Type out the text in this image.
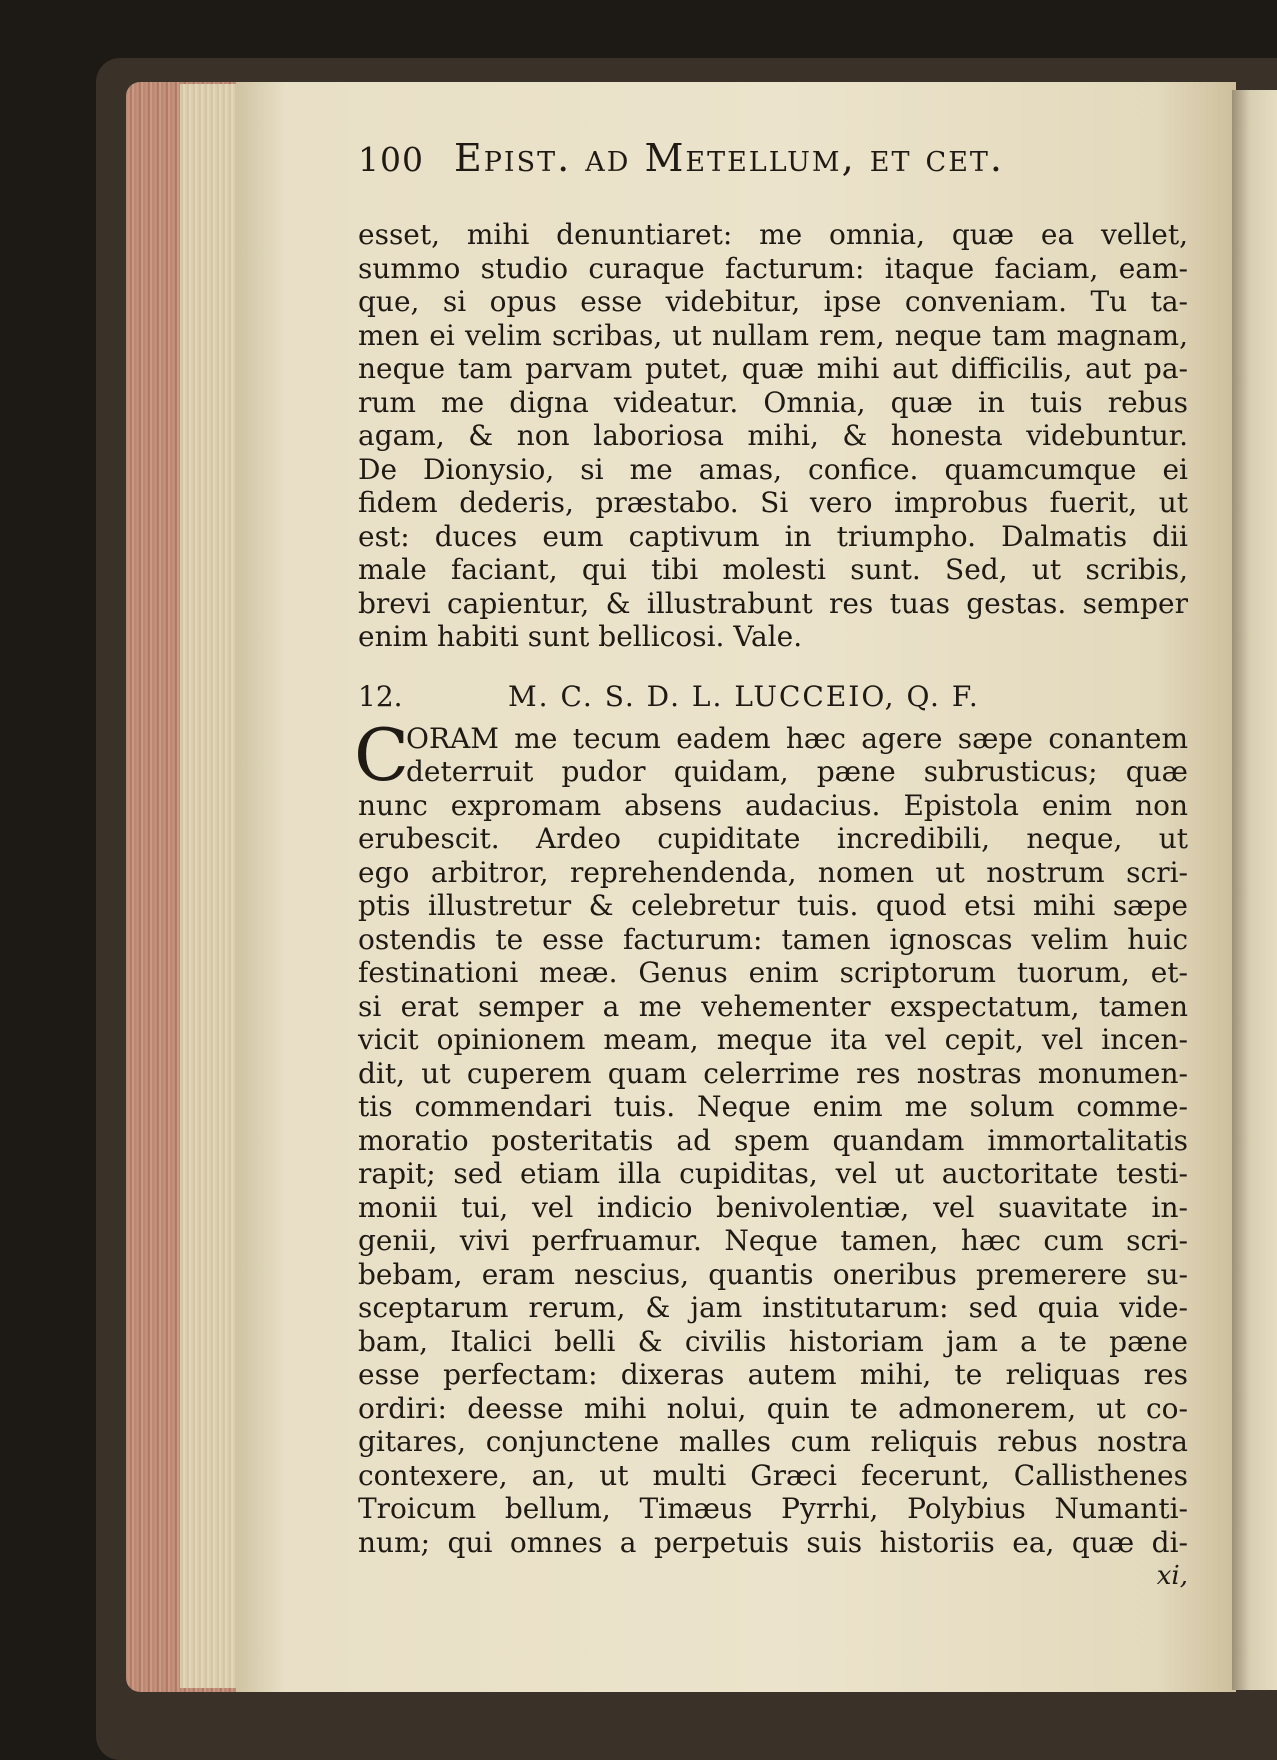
100 Epist. ad Metellum, et cet.
esset, mihi denuntiaret: me omnia, quæ ea vellet,
summo studio curaque facturum: itaque faciam, eam-
que, si opus esse videbitur, ipse conveniam. Tu ta-
men ei velim scribas, ut nullam rem, neque tam magnam,
neque tam parvam putet, quæ mihi aut difficilis, aut pa-
rum me digna videatur. Omnia, quæ in tuis rebus
agam, & non laboriosa mihi, & honesta videbuntur.
De Dionysio, si me amas, confice. quamcumque ei
fidem dederis, præstabo. Si vero improbus fuerit, ut
est: duces eum captivum in triumpho. Dalmatis dii
male faciant, qui tibi molesti sunt. Sed, ut scribis,
brevi capientur, & illustrabunt res tuas gestas. semper
enim habiti sunt bellicosi. Vale.
12.	M. C. S. D. L. LUCCEIO, Q. F.
C
ORAM me tecum eadem hæc agere sæpe conantem
deterruit pudor quidam, pæne subrusticus; quæ
nunc expromam absens audacius. Epistola enim non
erubescit. Ardeo cupiditate incredibili, neque, ut
ego arbitror, reprehendenda, nomen ut nostrum scri-
ptis illustretur & celebretur tuis. quod etsi mihi sæpe
ostendis te esse facturum: tamen ignoscas velim huic
festinationi meæ. Genus enim scriptorum tuorum, et-
si erat semper a me vehementer exspectatum, tamen
vicit opinionem meam, meque ita vel cepit, vel incen-
dit, ut cuperem quam celerrime res nostras monumen-
tis commendari tuis. Neque enim me solum comme-
moratio posteritatis ad spem quandam immortalitatis
rapit; sed etiam illa cupiditas, vel ut auctoritate testi-
monii tui, vel indicio benivolentiæ, vel suavitate in-
genii, vivi perfruamur. Neque tamen, hæc cum scri-
bebam, eram nescius, quantis oneribus premerere su-
sceptarum rerum, & jam institutarum: sed quia vide-
bam, Italici belli & civilis historiam jam a te pæne
esse perfectam: dixeras autem mihi, te reliquas res
ordiri: deesse mihi nolui, quin te admonerem, ut co-
gitares, conjunctene malles cum reliquis rebus nostra
contexere, an, ut multi Græci fecerunt, Callisthenes
Troicum bellum, Timæus Pyrrhi, Polybius Numanti-
num; qui omnes a perpetuis suis historiis ea, quæ di-
xi,
